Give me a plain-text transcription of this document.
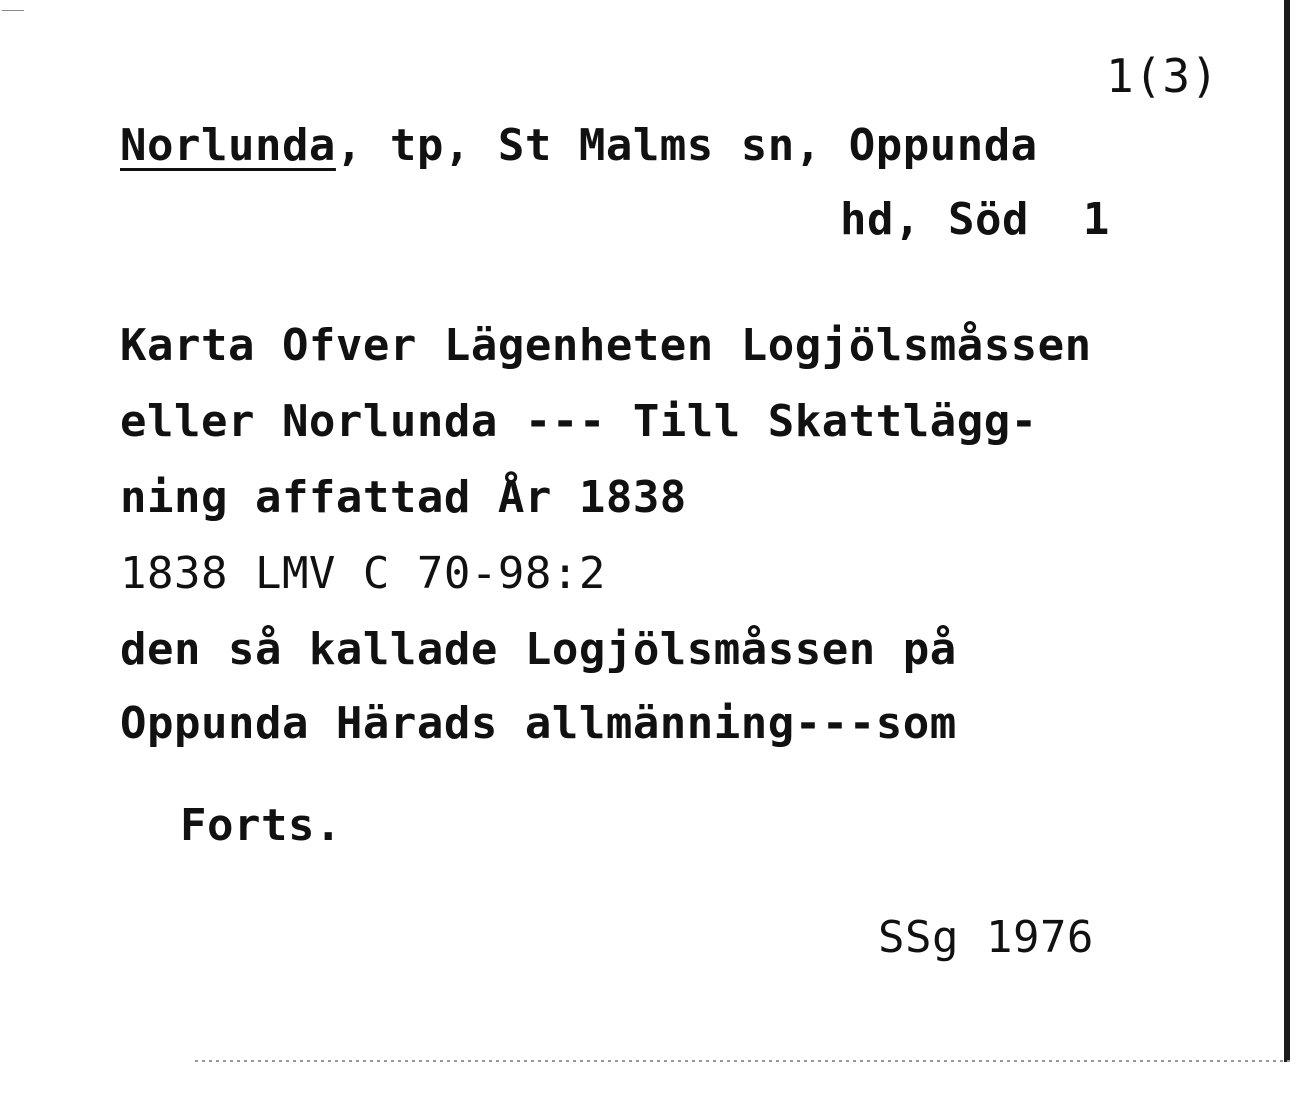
1(3)
Norlunda, tp, St Malms sn, Oppunda
hd, Söd  1
Karta Ofver Lägenheten Logjölsmåssen
eller Norlunda --- Till Skattlägg-
ning affattad År 1838
1838 LMV C 70-98:2
den så kallade Logjölsmåssen på
Oppunda Härads allmänning---som
Forts.
SSg 1976
